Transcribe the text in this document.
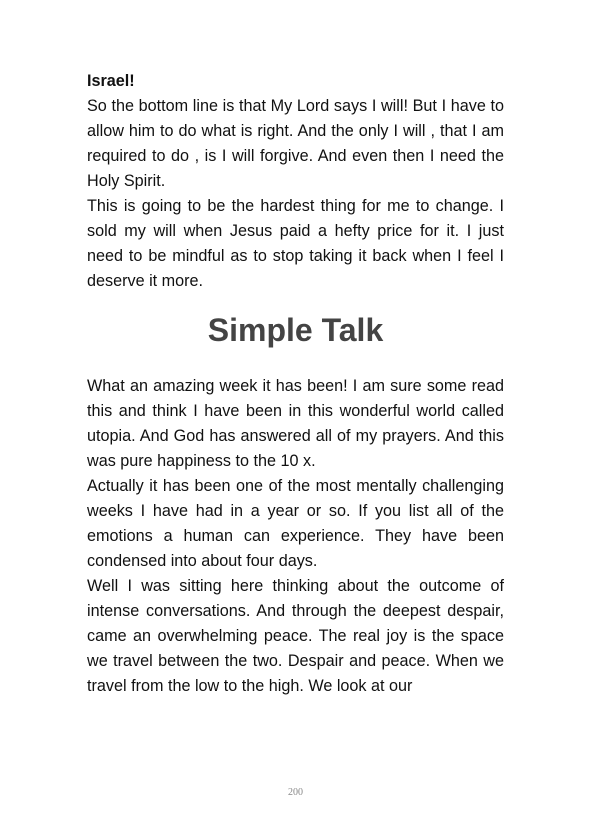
Israel!

So the bottom line is that My Lord says I will! But I have to allow him to do what is right. And the only I will , that I am required to do , is I will forgive. And even then I need the Holy Spirit.

This is going to be the hardest thing for me to change. I sold my will when Jesus paid a hefty price for it. I just need to be mindful as to stop taking it back when I feel I deserve it more.

Simple Talk

What an amazing week it has been! I am sure some read this and think I have been in this wonderful world called utopia. And God has answered all of my prayers. And this was pure happiness to the 10 x.

Actually it has been one of the most mentally challenging weeks I have had in a year or so. If you list all of the emotions a human can experience. They have been condensed into about four days.

Well I was sitting here thinking about the outcome of intense conversations. And through the deepest despair, came an overwhelming peace. The real joy is the space we travel between the two. Despair and peace. When we travel from the low to the high. We look at our

200
